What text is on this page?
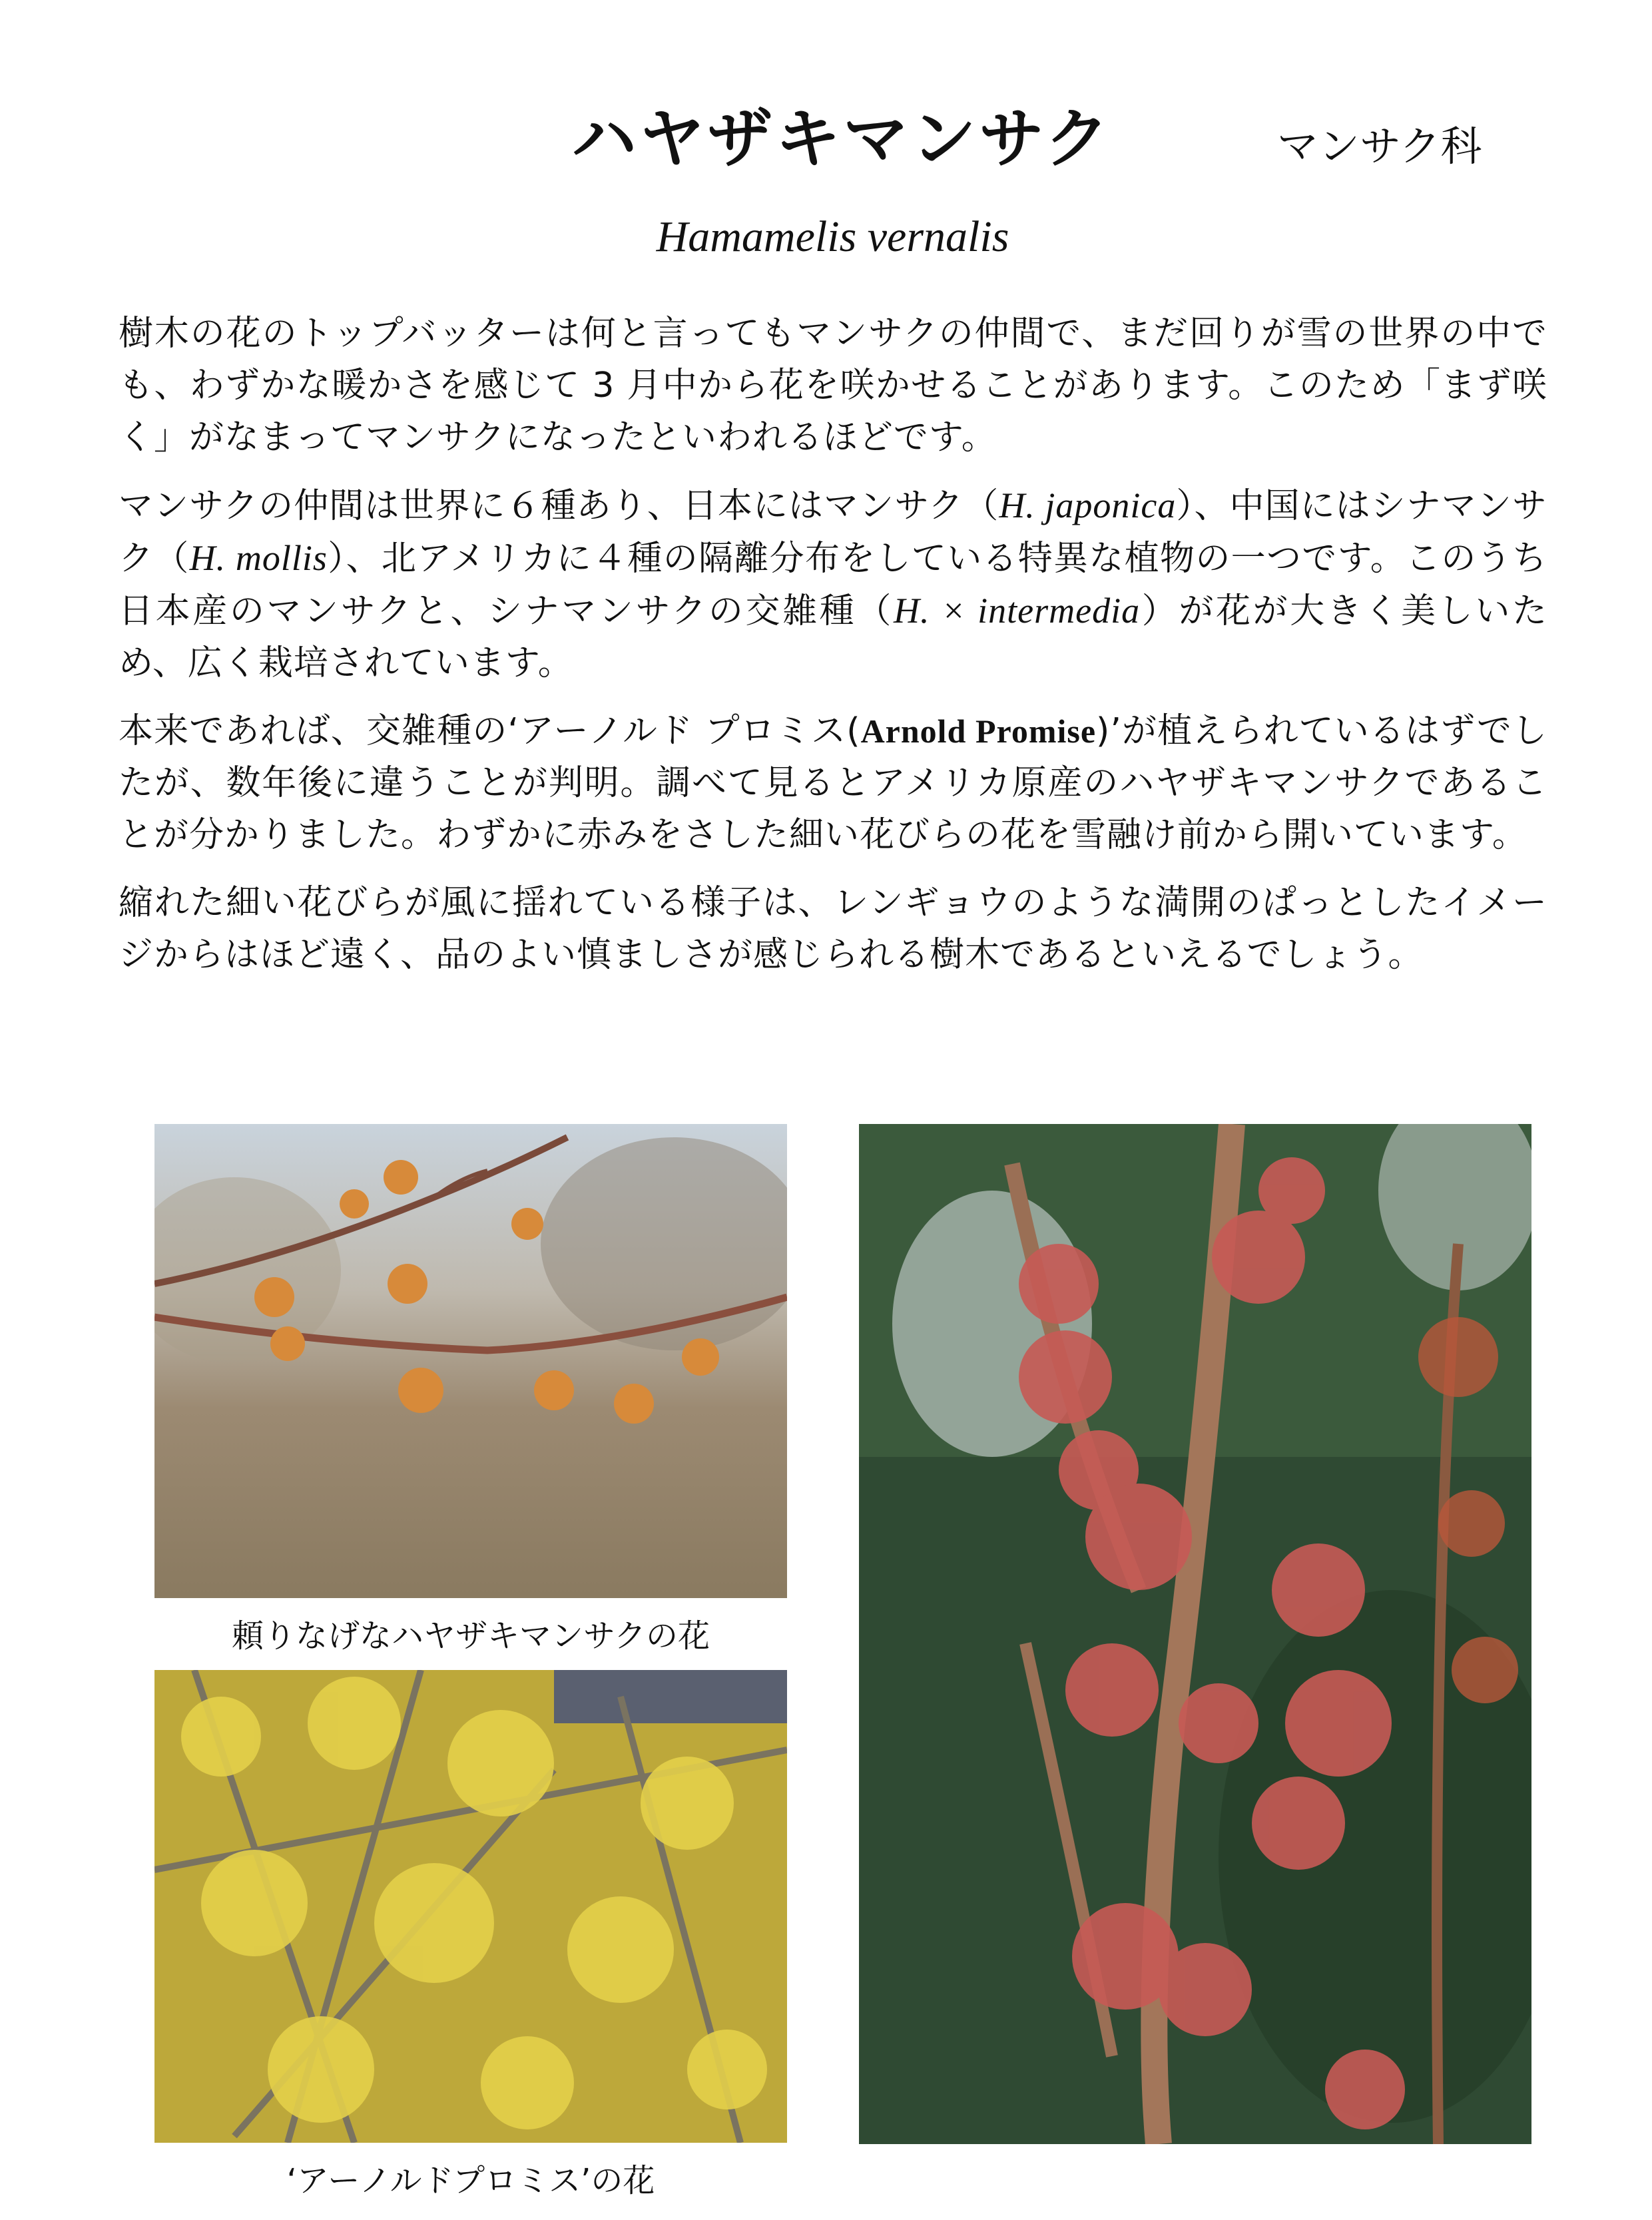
ハヤザキマンサク	マンサク科
Hamamelis vernalis

樹木の花のトップバッターは何と言ってもマンサクの仲間で、まだ回りが雪の世界の中でも、わずかな暖かさを感じて 3 月中から花を咲かせることがあります。このため「まず咲く」がなまってマンサクになったといわれるほどです。

マンサクの仲間は世界に６種あり、日本にはマンサク（H. japonica）、中国にはシナマンサク（H. mollis）、北アメリカに４種の隔離分布をしている特異な植物の一つです。このうち日本産のマンサクと、シナマンサクの交雑種（H. × intermedia）が花が大きく美しいため、広く栽培されています。

本来であれば、交雑種の‘アーノルド プロミス(Arnold Promise)’が植えられているはずでしたが、数年後に違うことが判明。調べて見るとアメリカ原産のハヤザキマンサクであることが分かりました。わずかに赤みをさした細い花びらの花を雪融け前から開いています。

縮れた細い花びらが風に揺れている様子は、レンギョウのような満開のぱっとしたイメージからはほど遠く、品のよい慎ましさが感じられる樹木であるといえるでしょう。

頼りなげなハヤザキマンサクの花
‘アーノルドプロミス’の花
